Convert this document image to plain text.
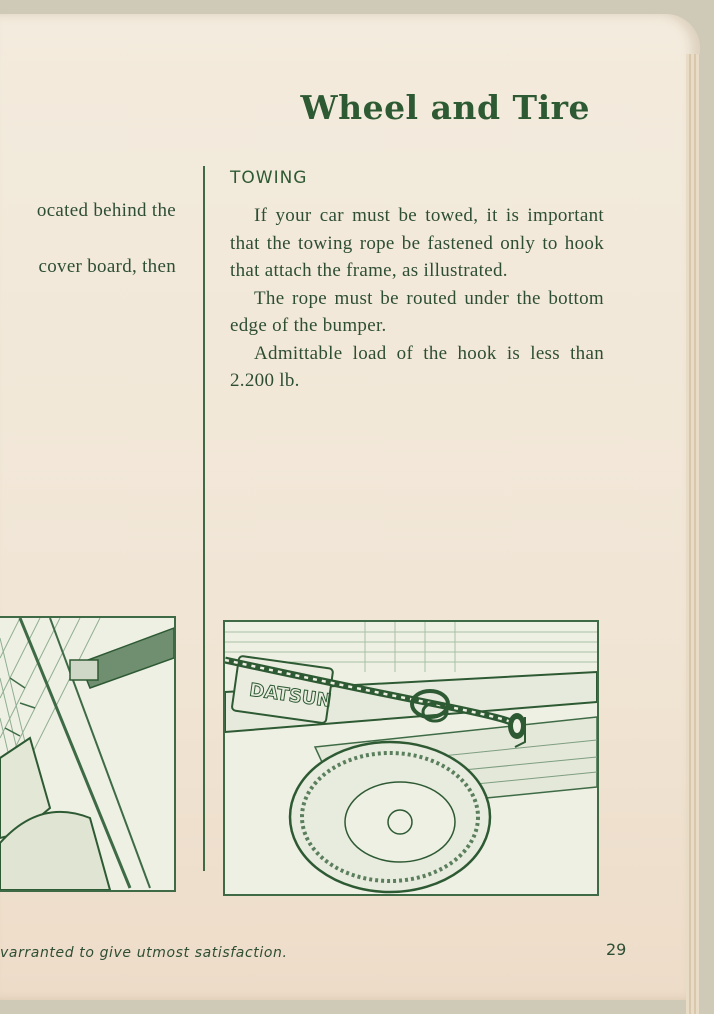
Wheel and Tire
ocated behind the
cover board, then
TOWING

If your car must be towed, it is important that the towing rope be fastened only to hook that attach the frame, as illustrated.

The rope must be routed under the bottom edge of the bumper.

Admittable load of the hook is less than 2.200 lb.

DATSUN
varranted to give utmost satisfaction.	29
